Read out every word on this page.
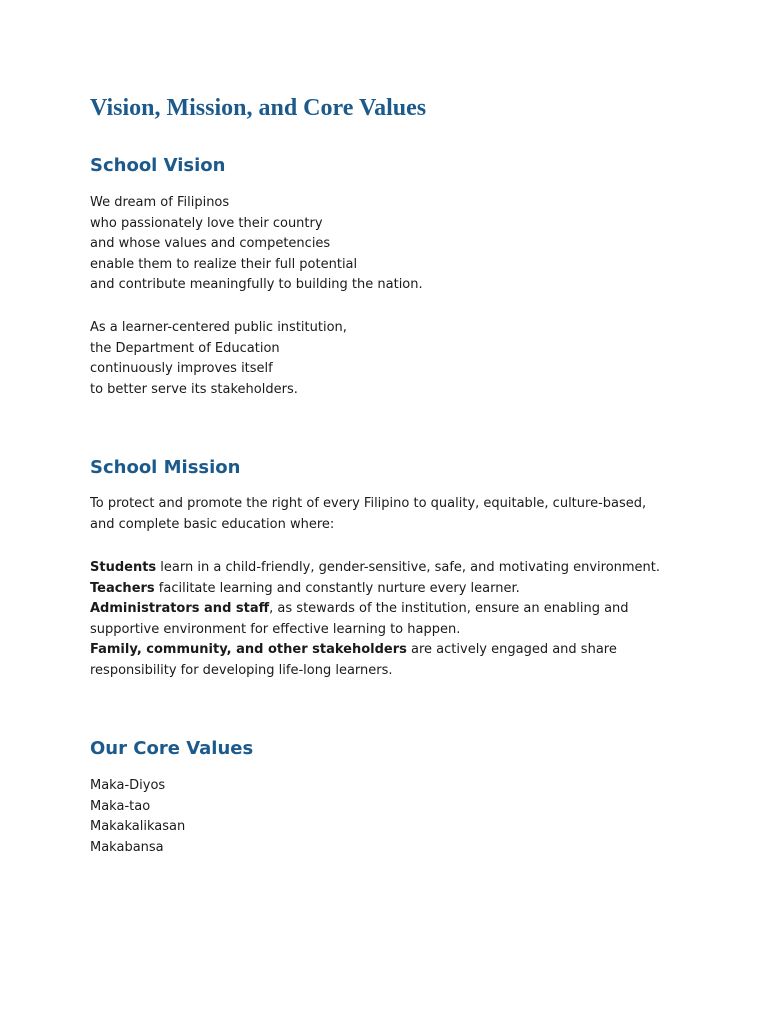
Vision, Mission, and Core Values
School Vision
We dream of Filipinos
who passionately love their country
and whose values and competencies
enable them to realize their full potential
and contribute meaningfully to building the nation.
As a learner-centered public institution,
the Department of Education
continuously improves itself
to better serve its stakeholders.
School Mission

To protect and promote the right of every Filipino to quality, equitable, culture-based, and complete basic education where:

Students learn in a child-friendly, gender-sensitive, safe, and motivating environment.
Teachers facilitate learning and constantly nurture every learner.
Administrators and staff, as stewards of the institution, ensure an enabling and supportive environment for effective learning to happen.
Family, community, and other stakeholders are actively engaged and share responsibility for developing life-long learners.
Our Core Values
Maka-Diyos
Maka-tao
Makakalikasan
Makabansa
